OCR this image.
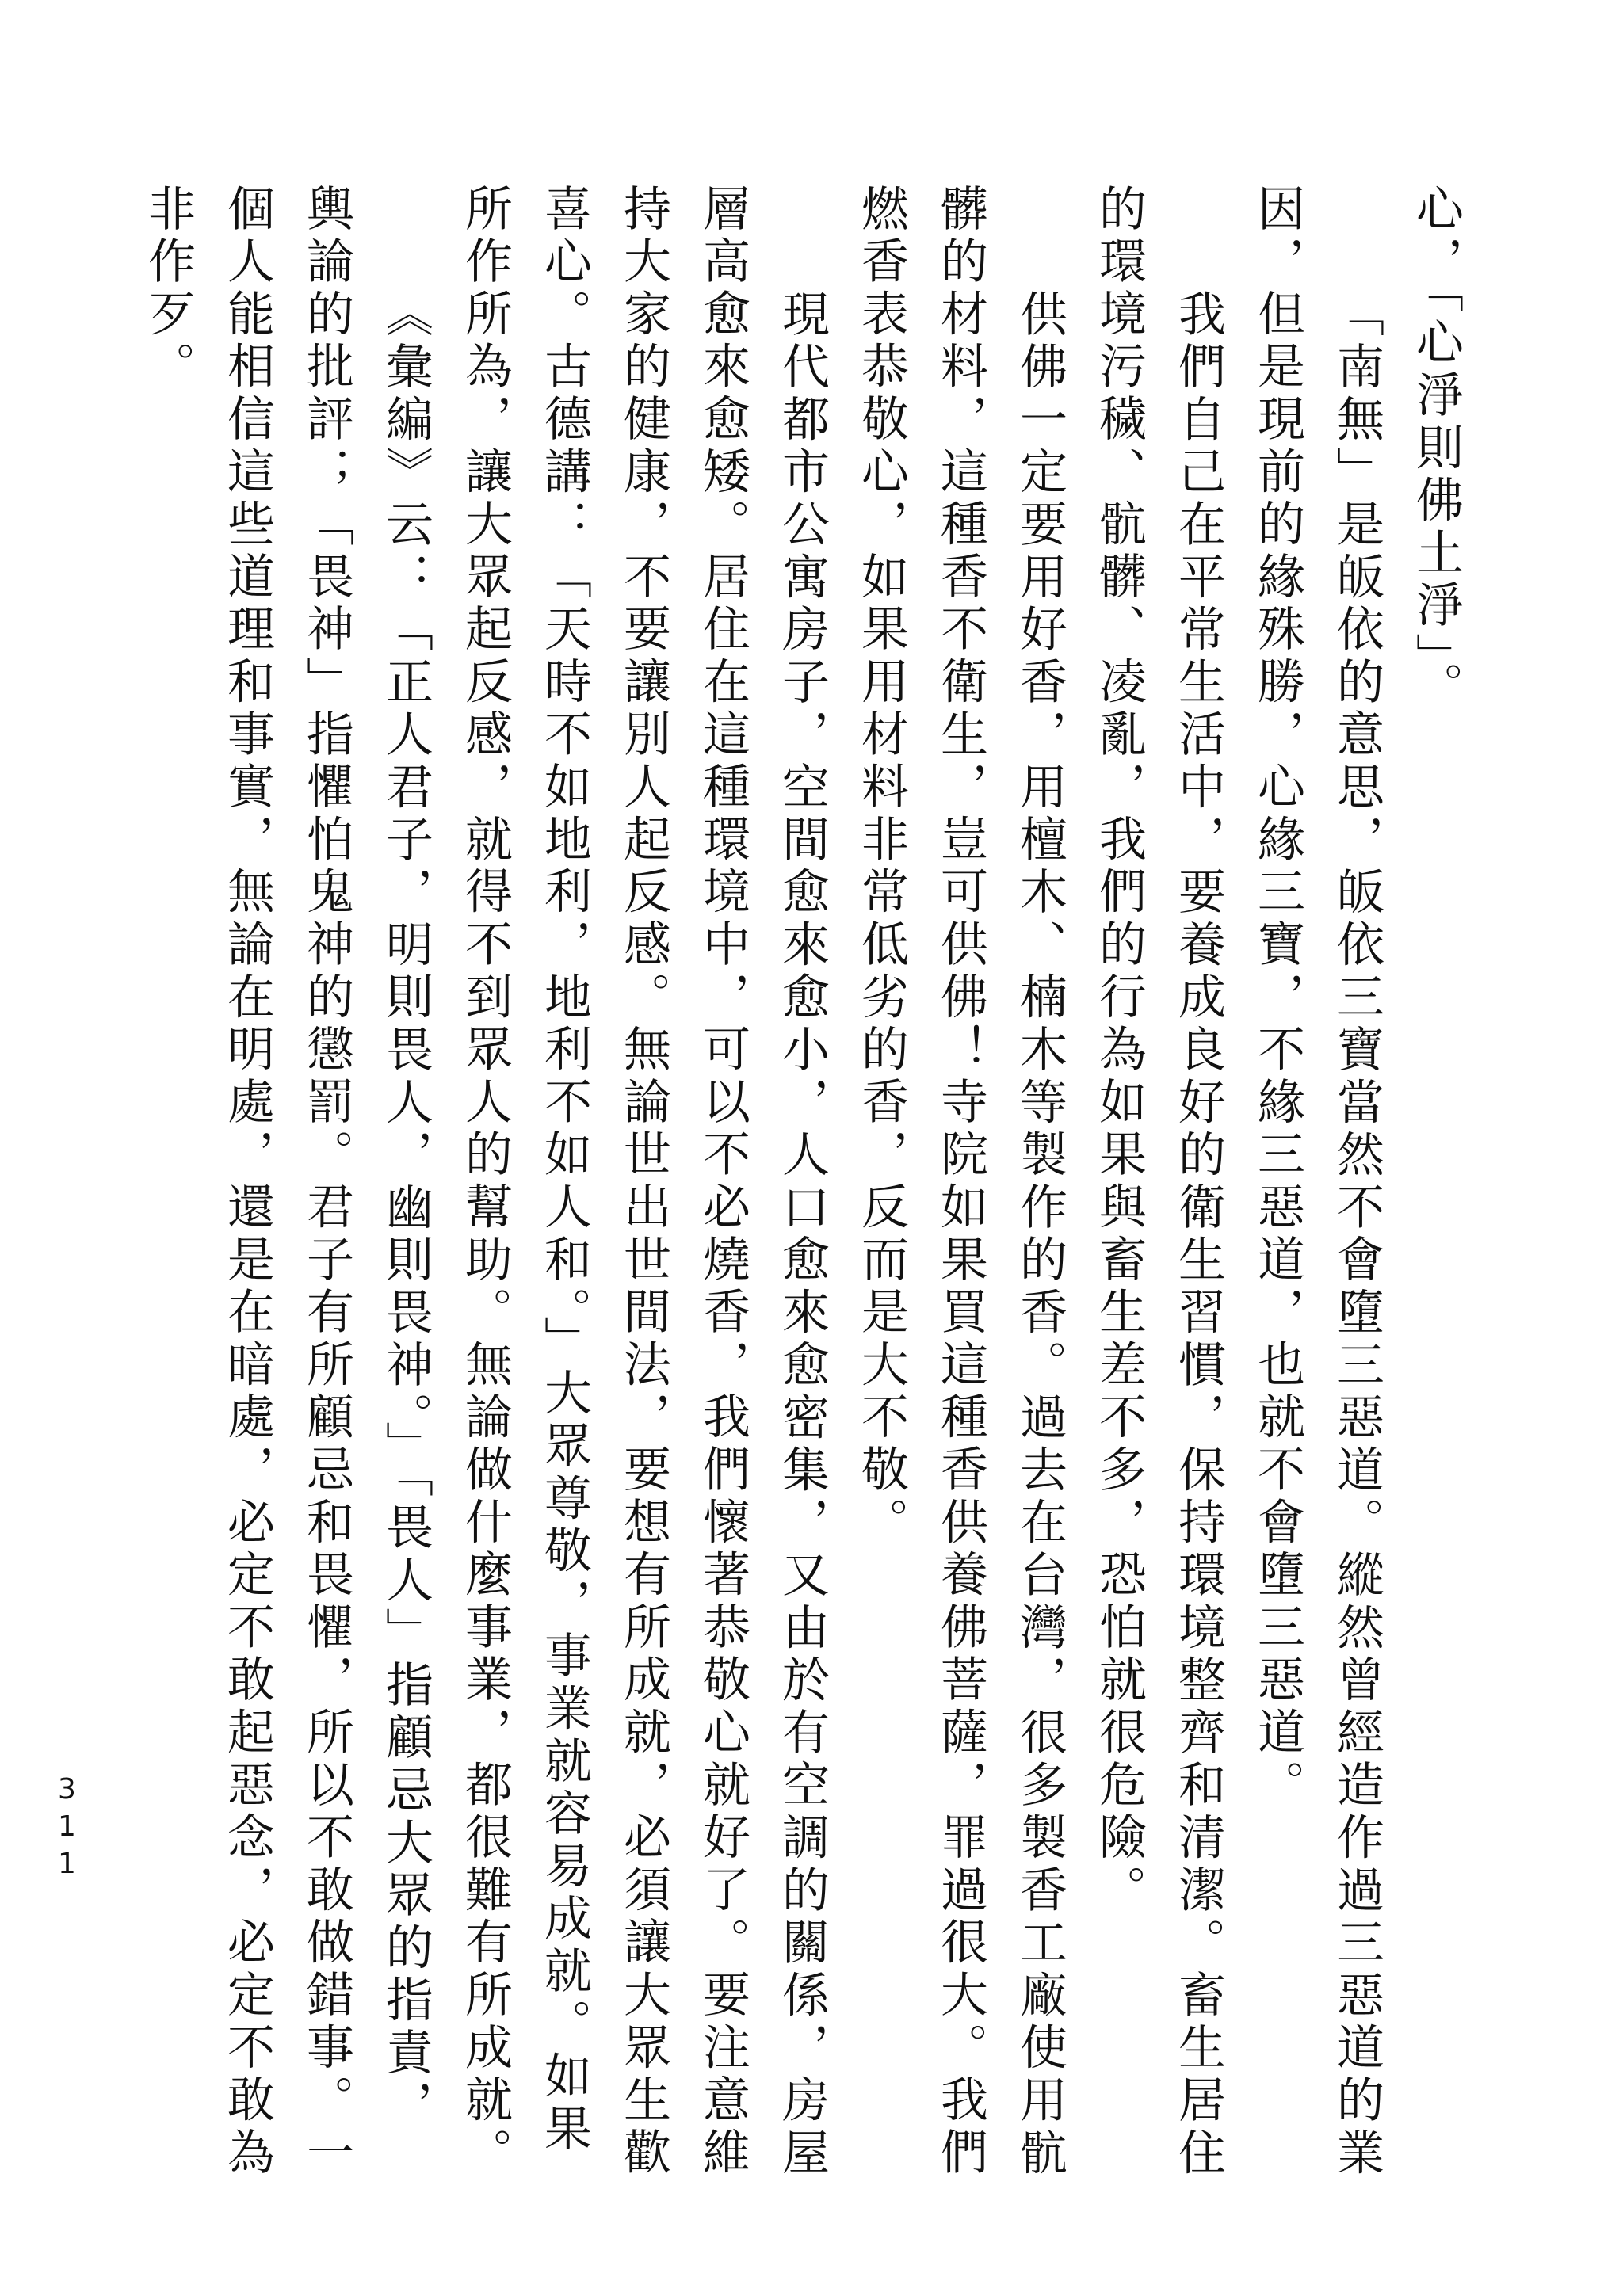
心，「心淨則佛土淨」。
「南無」是皈依的意思，皈依三寶當然不會墮三惡道。縱然曾經造作過三惡道的業
因，但是現前的緣殊勝，心緣三寶，不緣三惡道，也就不會墮三惡道。
我們自己在平常生活中，要養成良好的衛生習慣，保持環境整齊和清潔。畜生居住
的環境污穢、骯髒、凌亂，我們的行為如果與畜生差不多，恐怕就很危險。
供佛一定要用好香，用檀木、楠木等製作的香。過去在台灣，很多製香工廠使用骯
髒的材料，這種香不衛生，豈可供佛！寺院如果買這種香供養佛菩薩，罪過很大。我們
燃香表恭敬心，如果用材料非常低劣的香，反而是大不敬。
現代都市公寓房子，空間愈來愈小，人口愈來愈密集，又由於有空調的關係，房屋
層高愈來愈矮。居住在這種環境中，可以不必燒香，我們懷著恭敬心就好了。要注意維
持大家的健康，不要讓別人起反感。無論世出世間法，要想有所成就，必須讓大眾生歡
喜心。古德講：「天時不如地利，地利不如人和。」大眾尊敬，事業就容易成就。如果
所作所為，讓大眾起反感，就得不到眾人的幫助。無論做什麼事業，都很難有所成就。
《彙編》云：「正人君子，明則畏人，幽則畏神。」「畏人」指顧忌大眾的指責，
輿論的批評；「畏神」指懼怕鬼神的懲罰。君子有所顧忌和畏懼，所以不敢做錯事。一
個人能相信這些道理和事實，無論在明處，還是在暗處，必定不敢起惡念，必定不敢為
非作歹。
311
